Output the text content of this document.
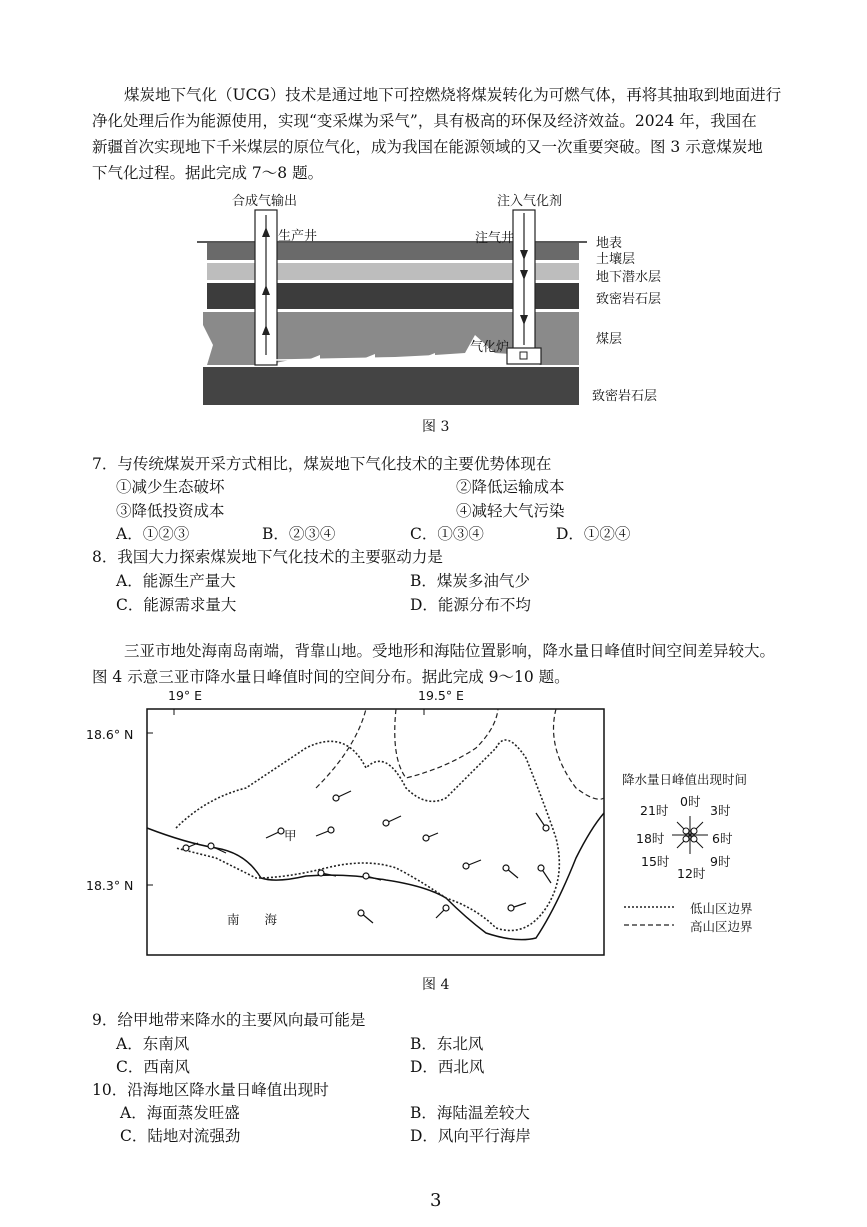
煤炭地下气化（UCG）技术是通过地下可控燃烧将煤炭转化为可燃气体，再将其抽取到地面进行
净化处理后作为能源使用，实现“变采煤为采气”，具有极高的环保及经济效益。2024 年，我国在
新疆首次实现地下千米煤层的原位气化，成为我国在能源领域的又一次重要突破。图 3 示意煤炭地
下气化过程。据此完成 7～8 题。
合成气输出	注入气化剂
生产井	注气井
气化炉
地表
土壤层
地下潜水层
致密岩石层
煤层
致密岩石层
图 3
7．与传统煤炭开采方式相比，煤炭地下气化技术的主要优势体现在
①减少生态破坏	②降低运输成本
③降低投资成本	④减轻大气污染
A．①②③	B．②③④	C．①③④	D．①②④
8．我国大力探索煤炭地下气化技术的主要驱动力是
A．能源生产量大	B．煤炭多油气少
C．能源需求量大	D．能源分布不均
三亚市地处海南岛南端，背靠山地。受地形和海陆位置影响，降水量日峰值时间空间差异较大。
图 4 示意三亚市降水量日峰值时间的空间分布。据此完成 9～10 题。
19° E	19.5° E
18.6° N
18.3° N
甲
南　　海
降水量日峰值出现时间
0时
3时
6时
9时
12时
15时
18时
21时
低山区边界
高山区边界
图 4
9．给甲地带来降水的主要风向最可能是
A．东南风	B．东北风
C．西南风	D．西北风
10．沿海地区降水量日峰值出现时
A．海面蒸发旺盛	B．海陆温差较大
C．陆地对流强劲	D．风向平行海岸
3
